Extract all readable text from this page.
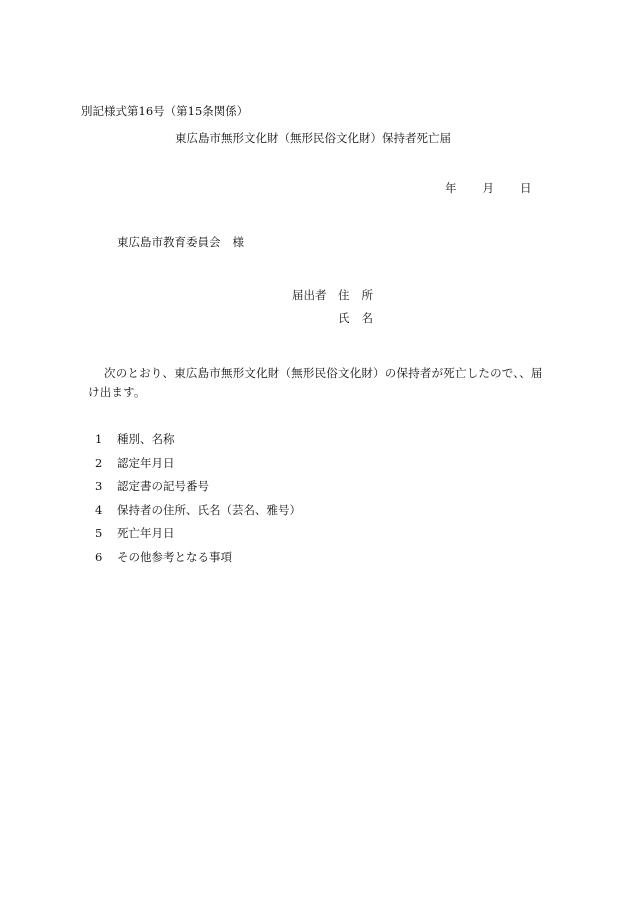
別記様式第16号（第15条関係）
東広島市無形文化財（無形民俗文化財）保持者死亡届
年 月 日
東広島市教育委員会 様
届出者 住 所
氏 名
次のとおり、東広島市無形文化財（無形民俗文化財）の保持者が死亡したので、、届け出ます。
1	種別、名称
2	認定年月日
3	認定書の記号番号
4	保持者の住所、氏名（芸名、雅号）
5	死亡年月日
6	その他参考となる事項
